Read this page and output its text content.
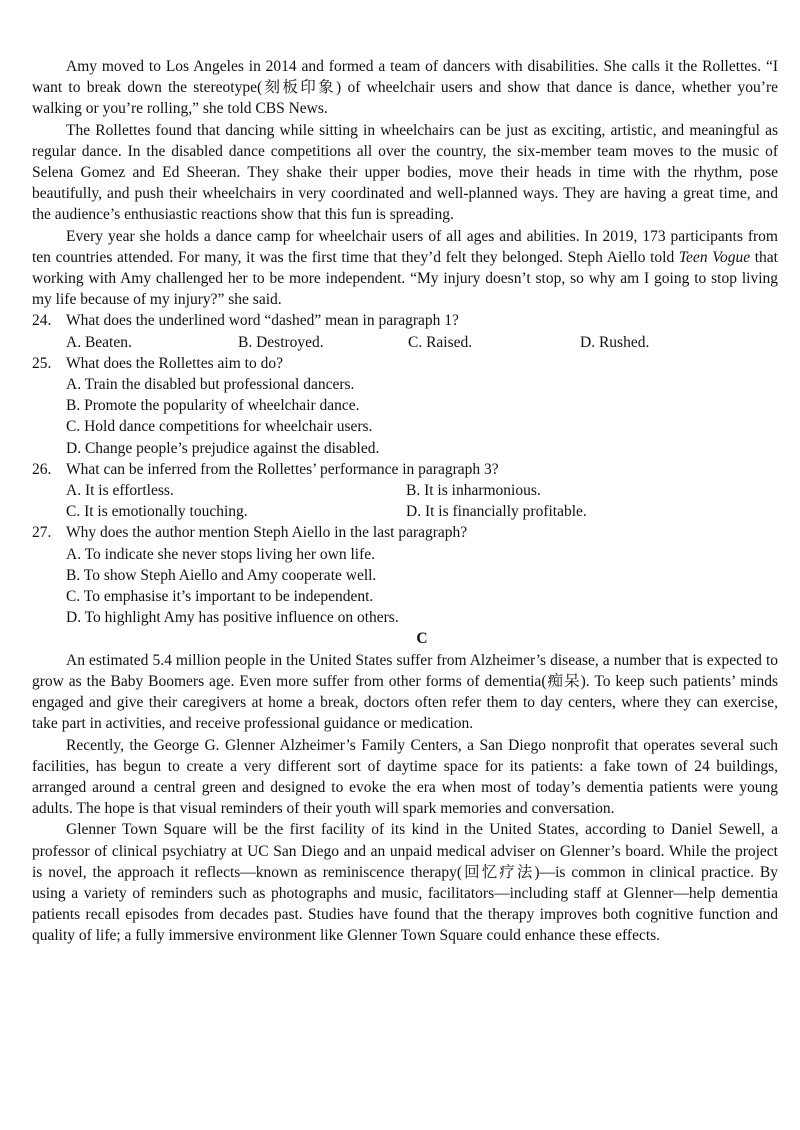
Amy moved to Los Angeles in 2014 and formed a team of dancers with disabilities. She calls it the Rollettes. “I want to break down the stereotype(刻板印象) of wheelchair users and show that dance is dance, whether you’re walking or you’re rolling,” she told CBS News.

The Rollettes found that dancing while sitting in wheelchairs can be just as exciting, artistic, and meaningful as regular dance. In the disabled dance competitions all over the country, the six-member team moves to the music of Selena Gomez and Ed Sheeran. They shake their upper bodies, move their heads in time with the rhythm, pose beautifully, and push their wheelchairs in very coordinated and well-planned ways. They are having a great time, and the audience’s enthusiastic reactions show that this fun is spreading.

Every year she holds a dance camp for wheelchair users of all ages and abilities. In 2019, 173 participants from ten countries attended. For many, it was the first time that they’d felt they belonged. Steph Aiello told Teen Vogue that working with Amy challenged her to be more independent. “My injury doesn’t stop, so why am I going to stop living my life because of my injury?” she said.

24. What does the underlined word “dashed” mean in paragraph 1?

A. Beaten.	B. Destroyed.	C. Raised.	D. Rushed.

25. What does the Rollettes aim to do?

A. Train the disabled but professional dancers.
B. Promote the popularity of wheelchair dance.
C. Hold dance competitions for wheelchair users.
D. Change people’s prejudice against the disabled.

26. What can be inferred from the Rollettes’ performance in paragraph 3?

A. It is effortless.	B. It is inharmonious.
C. It is emotionally touching.	D. It is financially profitable.

27. Why does the author mention Steph Aiello in the last paragraph?

A. To indicate she never stops living her own life.
B. To show Steph Aiello and Amy cooperate well.
C. To emphasise it’s important to be independent.
D. To highlight Amy has positive influence on others.

C

An estimated 5.4 million people in the United States suffer from Alzheimer’s disease, a number that is expected to grow as the Baby Boomers age. Even more suffer from other forms of dementia(痴呆). To keep such patients’ minds engaged and give their caregivers at home a break, doctors often refer them to day centers, where they can exercise, take part in activities, and receive professional guidance or medication.

Recently, the George G. Glenner Alzheimer’s Family Centers, a San Diego nonprofit that operates several such facilities, has begun to create a very different sort of daytime space for its patients: a fake town of 24 buildings, arranged around a central green and designed to evoke the era when most of today’s dementia patients were young adults. The hope is that visual reminders of their youth will spark memories and conversation.

Glenner Town Square will be the first facility of its kind in the United States, according to Daniel Sewell, a professor of clinical psychiatry at UC San Diego and an unpaid medical adviser on Glenner’s board. While the project is novel, the approach it reflects—known as reminiscence therapy(回忆疗法)—is common in clinical practice. By using a variety of reminders such as photographs and music, facilitators—including staff at Glenner—help dementia patients recall episodes from decades past. Studies have found that the therapy improves both cognitive function and quality of life; a fully immersive environment like Glenner Town Square could enhance these effects.
